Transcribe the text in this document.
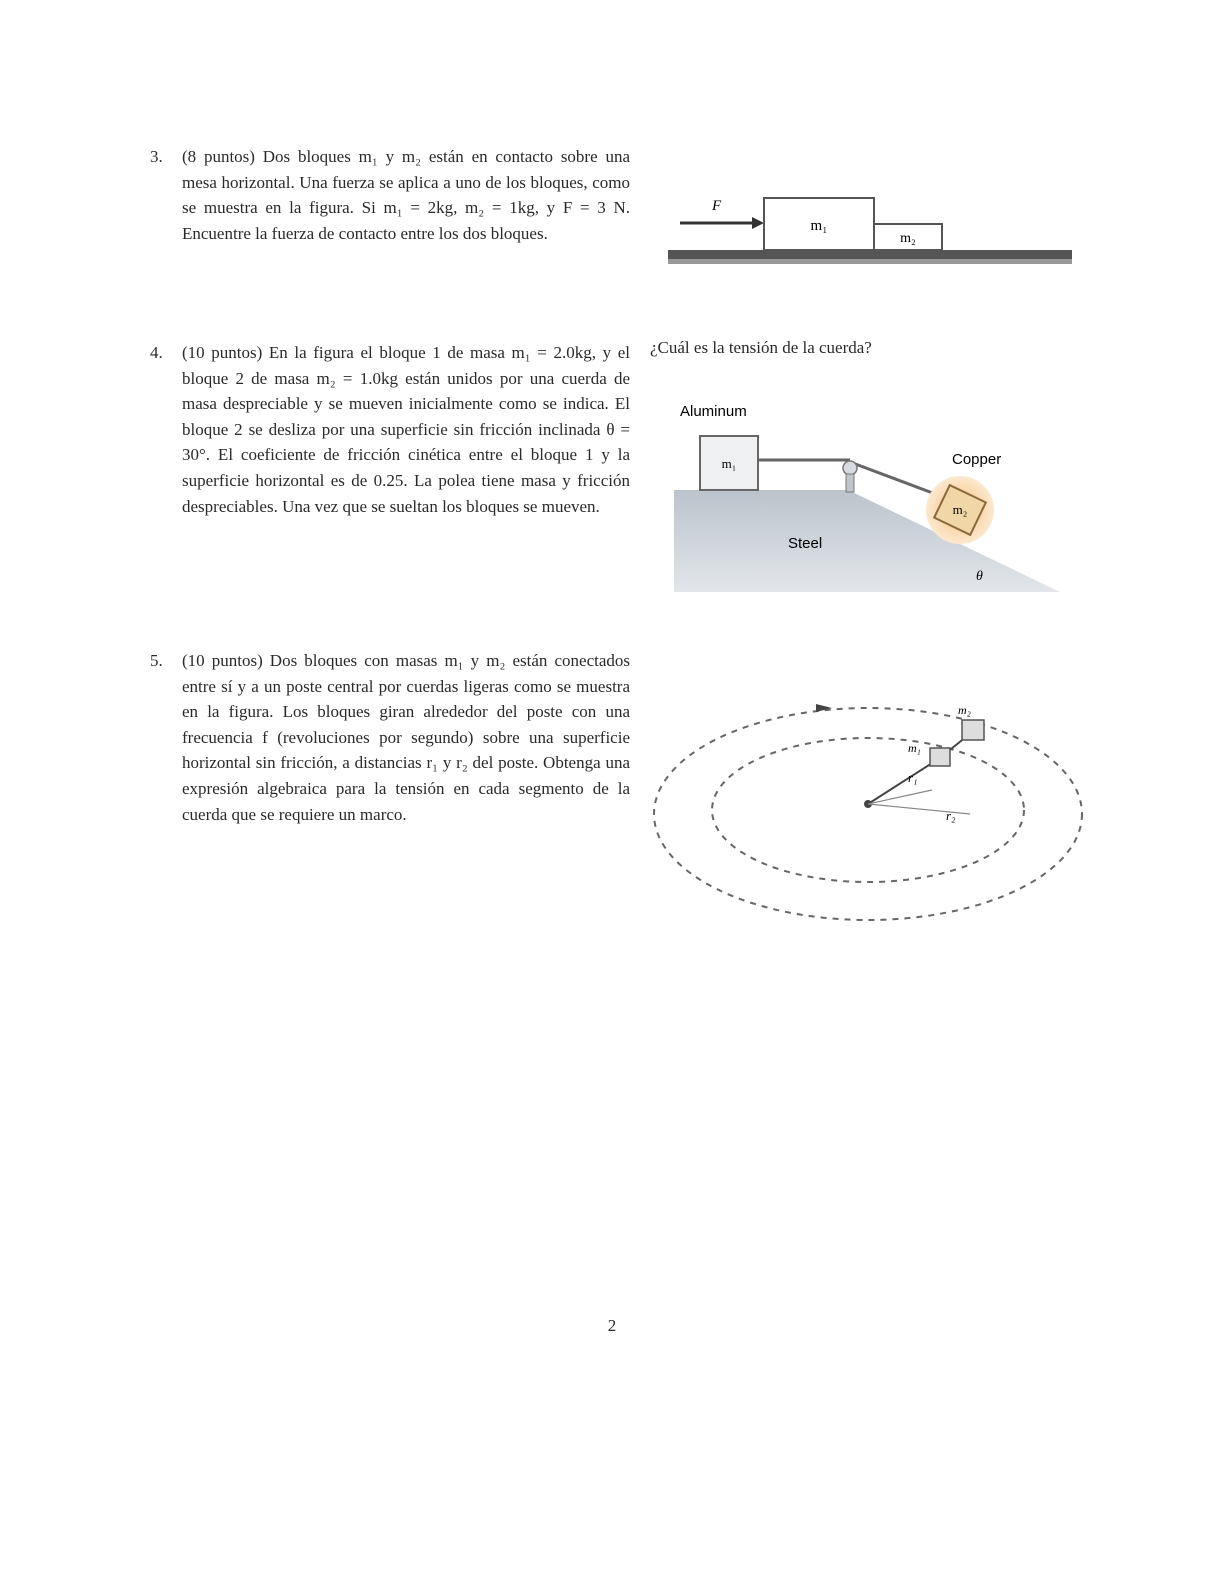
3. (8 puntos) Dos bloques m₁ y m₂ están en contacto sobre una mesa horizontal. Una fuerza se aplica a uno de los bloques, como se muestra en la figura. Si m₁ = 2kg, m₂ = 1kg, y F = 3 N. Encuentre la fuerza de contacto entre los dos bloques.
4. (10 puntos) En la figura el bloque 1 de masa m₁ = 2.0kg, y el bloque 2 de masa m₂ = 1.0kg están unidos por una cuerda de masa despreciable y se mueven inicialmente como se indica. El bloque 2 se desliza por una superficie sin fricción inclinada θ = 30°. El coeficiente de fricción cinética entre el bloque 1 y la superficie horizontal es de 0.25. La polea tiene masa y fricción despreciables. Una vez que se sueltan los bloques se mueven.
5. (10 puntos) Dos bloques con masas m₁ y m₂ están conectados entre sí y a un poste central por cuerdas ligeras como se muestra en la figura. Los bloques giran alrededor del poste con una frecuencia f (revoluciones por segundo) sobre una superficie horizontal sin fricción, a distancias r₁ y r₂ del poste. Obtenga una expresión algebraica para la tensión en cada segmento de la cuerda que se requiere un marco.
¿Cuál es la tensión de la cuerda?
F
m₁
m₂
Aluminum
Copper
Steel
m₁
m₂
θ
r₁
r₂
m₁
m₂
2
